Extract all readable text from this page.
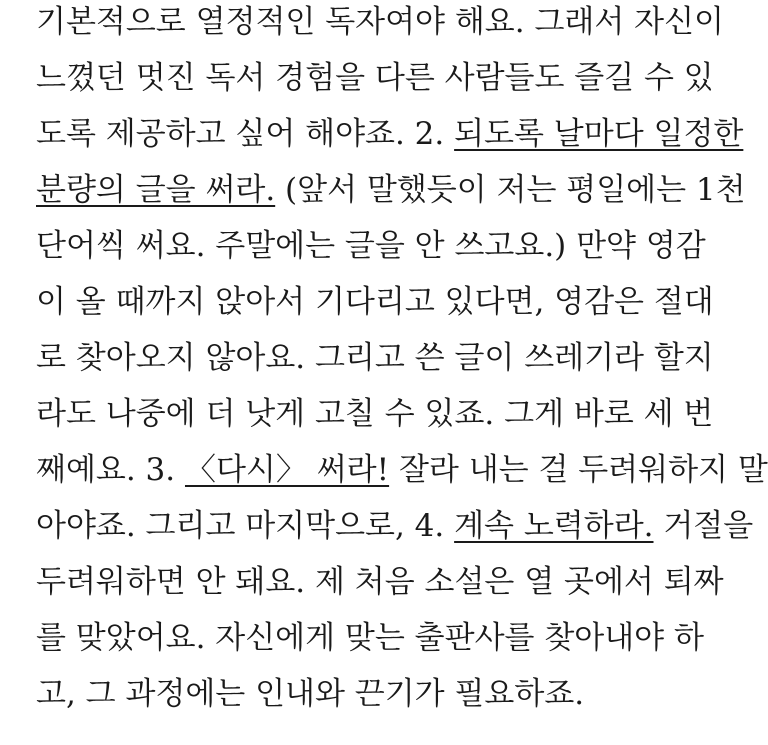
기본적으로 열정적인 독자여야 해요. 그래서 자신이
느꼈던 멋진 독서 경험을 다른 사람들도 즐길 수 있
도록 제공하고 싶어 해야죠. 2. 되도록 날마다 일정한
분량의 글을 써라. (앞서 말했듯이 저는 평일에는 1천
단어씩 써요. 주말에는 글을 안 쓰고요.) 만약 영감
이 올 때까지 앉아서 기다리고 있다면, 영감은 절대
로 찾아오지 않아요. 그리고 쓴 글이 쓰레기라 할지
라도 나중에 더 낫게 고칠 수 있죠. 그게 바로 세 번
째예요. 3. 〈다시〉 써라! 잘라 내는 걸 두려워하지 말
아야죠. 그리고 마지막으로, 4. 계속 노력하라. 거절을
두려워하면 안 돼요. 제 처음 소설은 열 곳에서 퇴짜
를 맞았어요. 자신에게 맞는 출판사를 찾아내야 하
고, 그 과정에는 인내와 끈기가 필요하죠.
